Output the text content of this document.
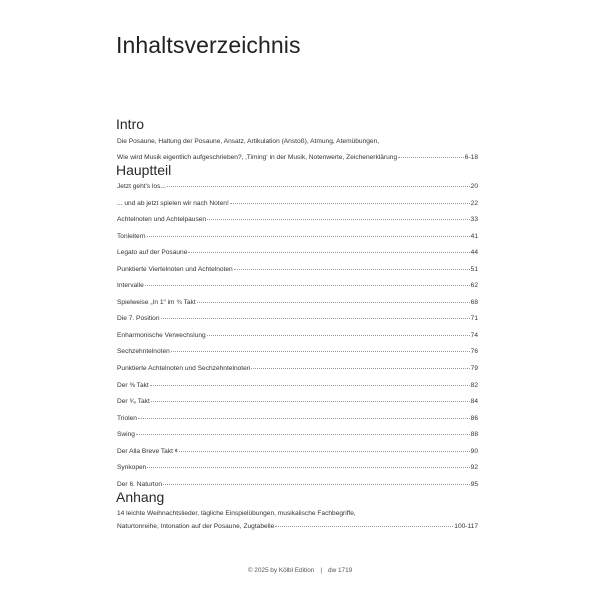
Inhaltsverzeichnis
Intro
Die Posaune, Haltung der Posaune, Ansatz, Artikulation (Anstoß), Atmung, Atemübungen,
Wie wird Musik eigentlich aufgeschrieben?, ‚Timing‘ in der Musik, Notenwerte, Zeichenerklärung	6-18
Hauptteil
Jetzt geht's los...	20
... und ab jetzt spielen wir nach Noten!	22
Achtelnoten und Achtelpausen	33
Tonleitern	41
Legato auf der Posaune	44
Punktierte Viertelnoten und Achtelnoten	51
Intervalle	62
Spielweise „In 1“ im ¾ Takt	68
Die 7. Position	71
Enharmonische Verwechslung	74
Sechzehntelnoten	76
Punktierte Achtelnoten und Sechzehntelnoten	79
Der ⅜ Takt	82
Der ⁶⁄₈ Takt	84
Triolen	86
Swing	88
Der Alla Breve Takt 𝄵	90
Synkopen	92
Der 6. Naturton	95
Anhang
14 leichte Weihnachtslieder, tägliche Einspielübungen, musikalische Fachbegriffe,
Naturtonreihe, Intonation auf der Posaune, Zugtabelle	100-117
© 2025 by Kölbl Edition | dw 1719
